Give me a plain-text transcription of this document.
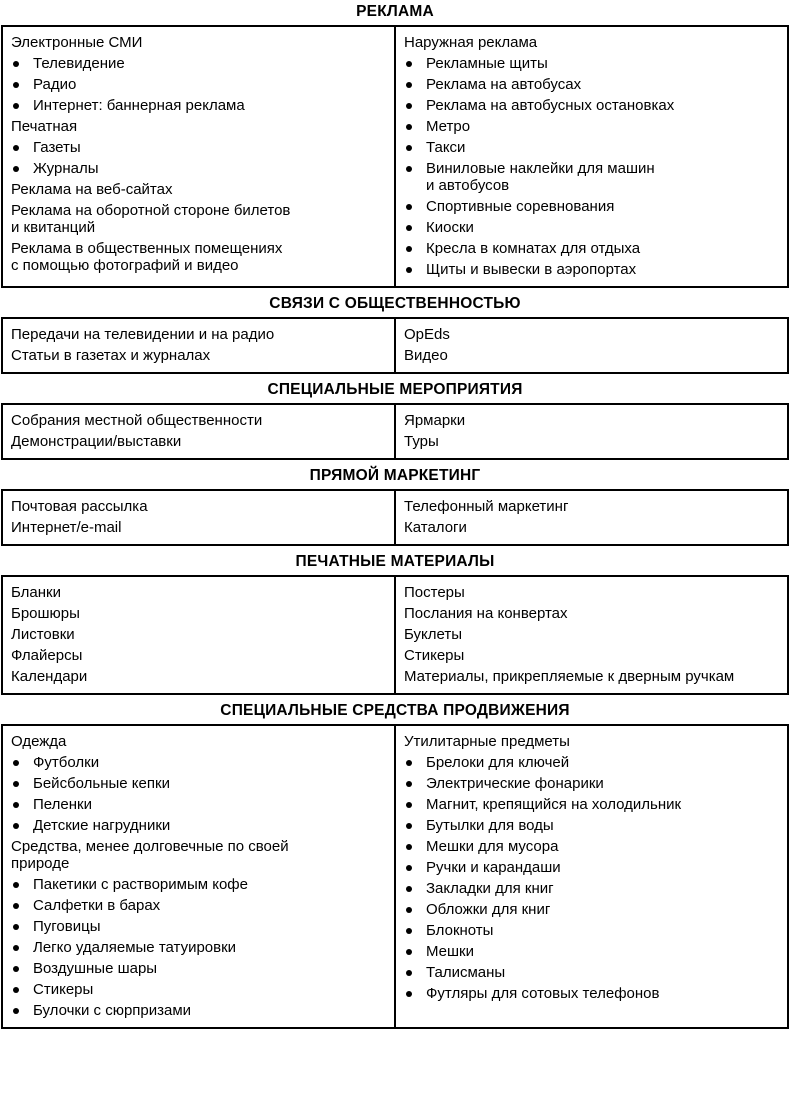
РЕКЛАМА
Электронные СМИ
Телевидение
Радио
Интернет: баннерная реклама
Печатная
Газеты
Журналы
Реклама на веб-сайтах
Реклама на оборотной стороне билетов
и квитанций
Реклама в общественных помещениях
с помощью фотографий и видео

Наружная реклама
Рекламные щиты
Реклама на автобусах
Реклама на автобусных остановках
Метро
Такси
Виниловые наклейки для машин
и автобусов
Спортивные соревнования
Киоски
Кресла в комнатах для отдыха
Щиты и вывески в аэропортах
СВЯЗИ С ОБЩЕСТВЕННОСТЬЮ
Передачи на телевидении и на радио
Статьи в газетах и журналах

OpEds
Видео
СПЕЦИАЛЬНЫЕ МЕРОПРИЯТИЯ
Собрания местной общественности
Демонстрации/выставки

Ярмарки
Туры
ПРЯМОЙ МАРКЕТИНГ
Почтовая рассылка
Интернет/e-mail

Телефонный маркетинг
Каталоги
ПЕЧАТНЫЕ МАТЕРИАЛЫ
Бланки
Брошюры
Листовки
Флайерсы
Календари

Постеры
Послания на конвертах
Буклеты
Стикеры
Материалы, прикрепляемые к дверным ручкам
СПЕЦИАЛЬНЫЕ СРЕДСТВА ПРОДВИЖЕНИЯ
Одежда
Футболки
Бейсбольные кепки
Пеленки
Детские нагрудники
Средства, менее долговечные по своей
природе
Пакетики с растворимым кофе
Салфетки в барах
Пуговицы
Легко удаляемые татуировки
Воздушные шары
Стикеры
Булочки с сюрпризами

Утилитарные предметы
Брелоки для ключей
Электрические фонарики
Магнит, крепящийся на холодильник
Бутылки для воды
Мешки для мусора
Ручки и карандаши
Закладки для книг
Обложки для книг
Блокноты
Мешки
Талисманы
Футляры для сотовых телефонов
